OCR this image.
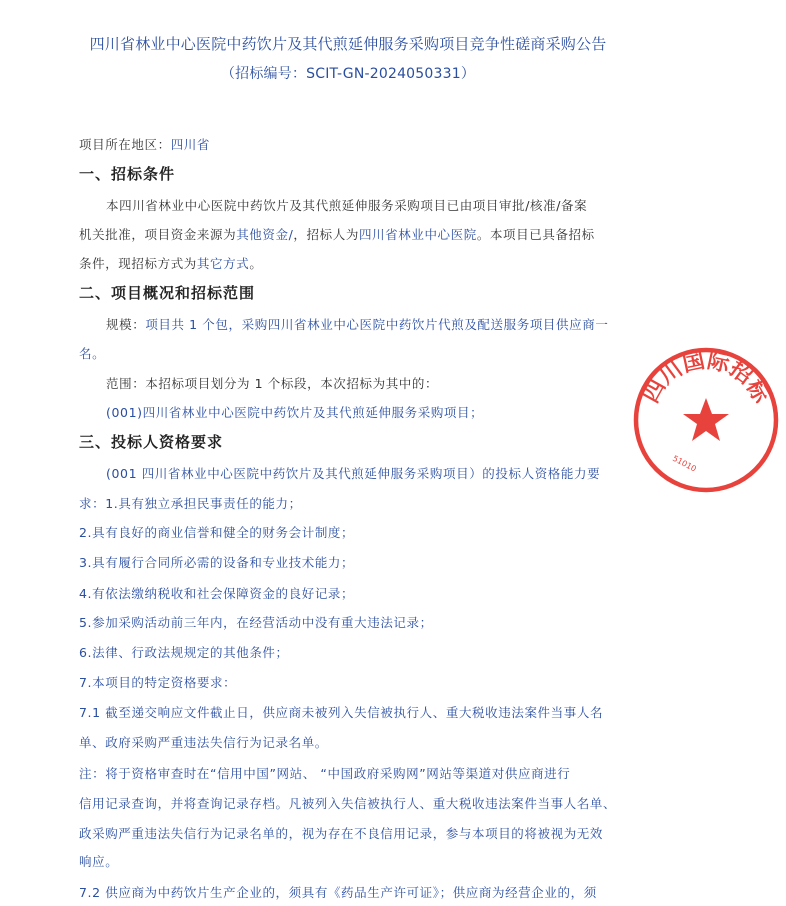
四川省林业中心医院中药饮片及其代煎延伸服务采购项目竞争性磋商采购公告
（招标编号：SCIT-GN-2024050331）
项目所在地区：四川省
一、招标条件
本四川省林业中心医院中药饮片及其代煎延伸服务采购项目已由项目审批/核准/备案
机关批准，项目资金来源为其他资金/，招标人为四川省林业中心医院。本项目已具备招标
条件，现招标方式为其它方式。
二、项目概况和招标范围
规模：项目共 1 个包，采购四川省林业中心医院中药饮片代煎及配送服务项目供应商一
名。
范围：本招标项目划分为 1 个标段，本次招标为其中的：
(001)四川省林业中心医院中药饮片及其代煎延伸服务采购项目；
三、投标人资格要求
(001 四川省林业中心医院中药饮片及其代煎延伸服务采购项目）的投标人资格能力要
求：1.具有独立承担民事责任的能力；
2.具有良好的商业信誉和健全的财务会计制度；
3.具有履行合同所必需的设备和专业技术能力；
4.有依法缴纳税收和社会保障资金的良好记录；
5.参加采购活动前三年内，在经营活动中没有重大违法记录；
6.法律、行政法规规定的其他条件；
7.本项目的特定资格要求：
7.1 截至递交响应文件截止日，供应商未被列入失信被执行人、重大税收违法案件当事人名
单、政府采购严重违法失信行为记录名单。
注：将于资格审查时在“信用中国”网站、 “中国政府采购网”网站等渠道对供应商进行
信用记录查询，并将查询记录存档。凡被列入失信被执行人、重大税收违法案件当事人名单、
政采购严重违法失信行为记录名单的，视为存在不良信用记录，参与本项目的将被视为无效
响应。
7.2 供应商为中药饮片生产企业的，须具有《药品生产许可证》；供应商为经营企业的，须
四川国际招标
51010
